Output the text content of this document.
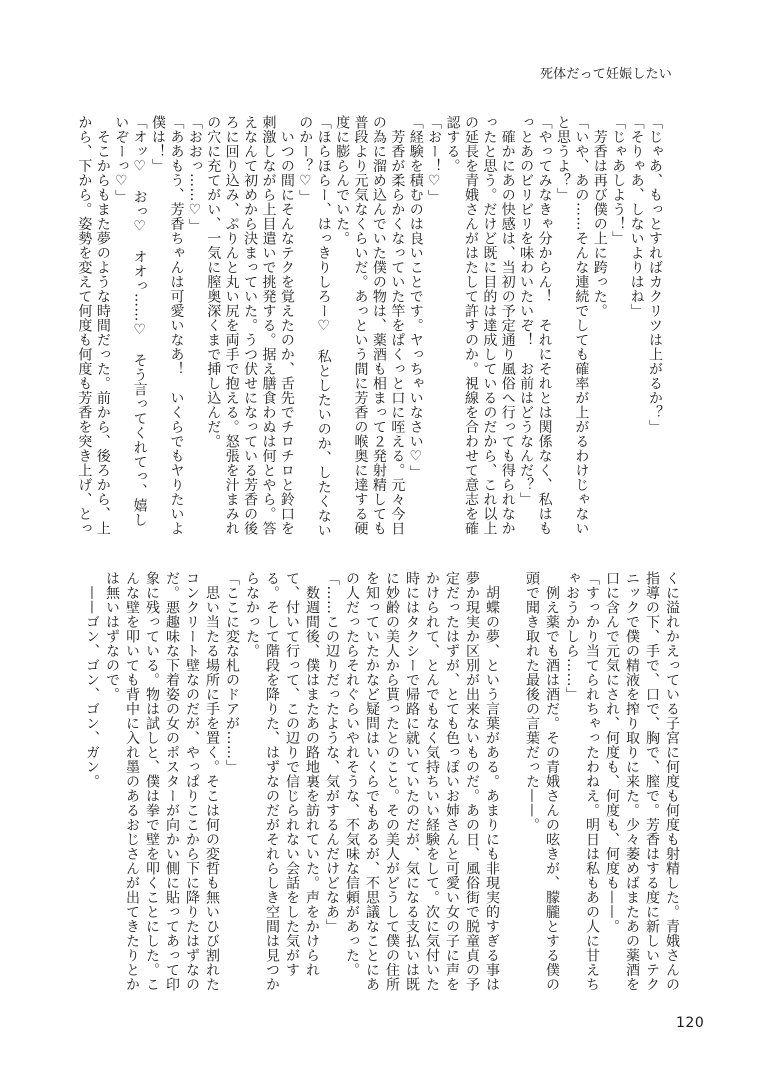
死体だって妊娠したい

「じゃあ、もっとすればカクリツは上がるか？」

「そりゃあ、しないよりはね」

「じゃあしよう！」

　芳香は再び僕の上に跨った。

「いや、あの……そんな連続でしても確率が上がるわけじゃないと思うよ？」

「やってみなきゃ分からん！　それにそれとは関係なく、私はもっとあのビリビリを味わいたいぞ！　お前はどうなんだ？」

　確かにあの快感は、当初の予定通り風俗へ行っても得られなかったと思う。だけど既に目的は達成しているのだから、これ以上の延長を青娥さんがはたして許すのか。視線を合わせて意志を確認する。

「おー！♡」

「経験を積むのは良いことです。ヤっちゃいなさい♡」

　芳香が柔らかくなっていた竿をぱくっと口に咥える。元々今日の為に溜め込んでいた僕の物は、薬酒も相まって２発射精しても普段より元気なくらいだ。あっという間に芳香の喉奥に達する硬度に膨らんでいた。

「ほらほらー、はっきりしろー♡　私としたいのか、したくないのかー？♡」

　いつの間にそんなテクを覚えたのか、舌先でチロチロと鈴口を刺激しながら上目遣いで挑発する。据え膳食わぬは何とやら。答えなんて初めから決まっていた。うつ伏せになっている芳香の後ろに回り込み、ぷりんと丸い尻を両手で抱える。怒張を汁まみれの穴に充てがい、一気に膣奥深くまで挿し込んだ。

「おおっ……♡」

「ああもう、芳香ちゃんは可愛いなあ！　いくらでもヤりたいよ僕は！」

「オッ♡　おっ♡　オオっ……♡　そう言ってくれてっ、嬉しいぞーっ♡」

　そこからもまた夢のような時間だった。前から、後ろから、上から、下から。姿勢を変えて何度も何度も芳香を突き上げ、とっ

くに溢れかえっている子宮に何度も何度も射精した。青娥さんの指導の下、手で、口で、胸で、膣で。芳香はする度に新しいテクニックで僕の精液を搾り取りに来た。少々萎めばまたあの薬酒を口に含んで元気にされ、何度も、何度も、何度も——。

「すっかり当てられちゃったわねえ。明日は私もあの人に甘えちゃおうかしら……」

　例え薬でも酒は酒だ。その青娥さんの呟きが、朦朧とする僕の頭で聞き取れた最後の言葉だった——。

　胡蝶の夢、という言葉がある。あまりにも非現実的すぎる事は夢か現実か区別が出来ないものだ。あの日、風俗街で脱童貞の予定だったはずが、とても色っぽいお姉さんと可愛い女の子に声をかけられて、とんでもなく気持ちいい経験をして。次に気付いた時にはタクシーで帰路に就いていたのだが、気になる支払いは既に妙齢の美人から貰ったとのこと。その美人がどうして僕の住所を知っていたかなど疑問はいくらでもあるが、不思議なことにあの人だったらそれぐらいやれそうな、不気味な信頼があった。

「……この辺りだったような、気がするんだけどなあ」

　数週間後、僕はまたあの路地裏を訪れていた。声をかけられて、付いて行って、この辺りで信じられない会話をした気がする。そして階段を降りた、はずなのだがそれらしき空間は見つからなかった。

「ここに変な札のドアが……」

　思い当たる場所に手を置く。そこは何の変哲も無いひび割れたコンクリート壁なのだが、やっぱりここから下に降りたはずなのだ。悪趣味な下着姿の女のポスターが向かい側に貼ってあって印象に残っている。物は試しと、僕は拳で壁を叩くことにした。こんな壁を叩いても背中に入れ墨のあるおじさんが出てきたりとかは無いはずなので。

　——ゴン、ゴン、ゴン、ガン。

120
